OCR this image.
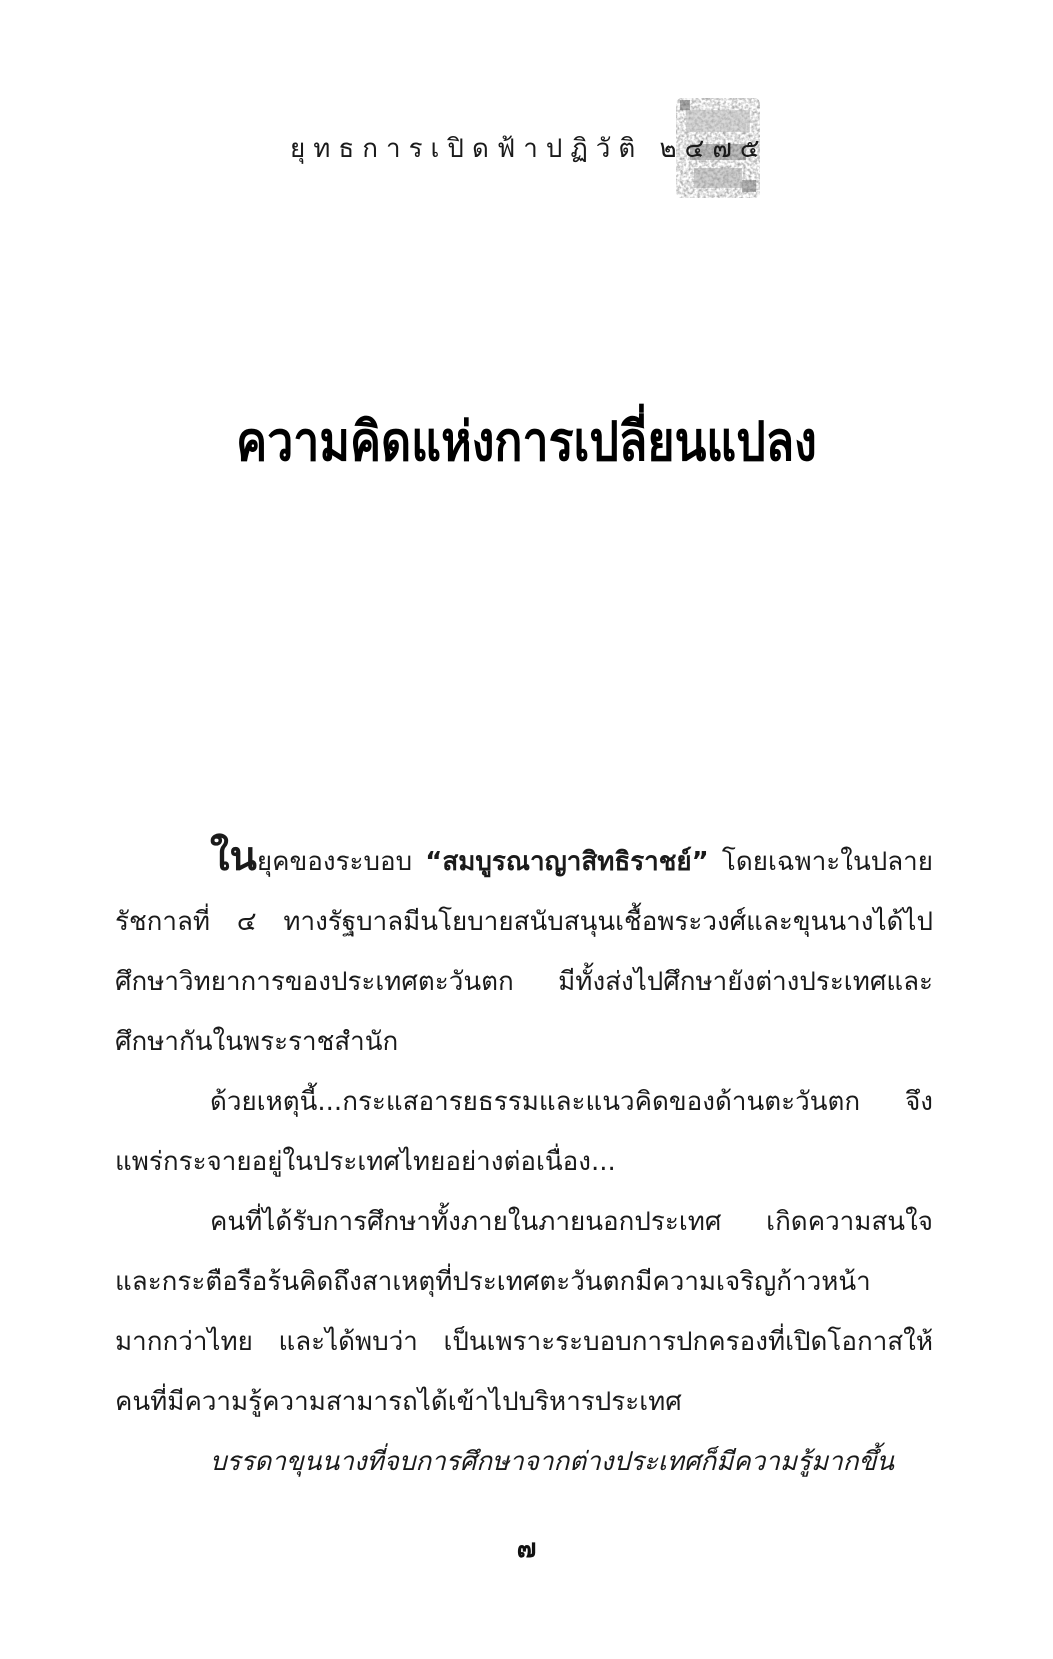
ยุทธการเปิดฟ้าปฏิวัติ ๒๔๗๕
ความคิดแห่งการเปลี่ยนแปลง

ในยุคของระบอบ “สมบูรณาญาสิทธิราชย์” โดยเฉพาะในปลายรัชกาลที่ ๔ ทางรัฐบาลมีนโยบายสนับสนุนเชื้อพระวงศ์และขุนนางได้ไปศึกษาวิทยาการของประเทศตะวันตก มีทั้งส่งไปศึกษายังต่างประเทศและศึกษากันในพระราชสำนัก

ด้วยเหตุนี้...กระแสอารยธรรมและแนวคิดของด้านตะวันตก จึงแพร่กระจายอยู่ในประเทศไทยอย่างต่อเนื่อง...

คนที่ได้รับการศึกษาทั้งภายในภายนอกประเทศ เกิดความสนใจและกระตือรือร้นคิดถึงสาเหตุที่ประเทศตะวันตกมีความเจริญก้าวหน้ามากกว่าไทย และได้พบว่า เป็นเพราะระบอบการปกครองที่เปิดโอกาสให้คนที่มีความรู้ความสามารถได้เข้าไปบริหารประเทศ

บรรดาขุนนางที่จบการศึกษาจากต่างประเทศก็มีความรู้มากขึ้น

๗
